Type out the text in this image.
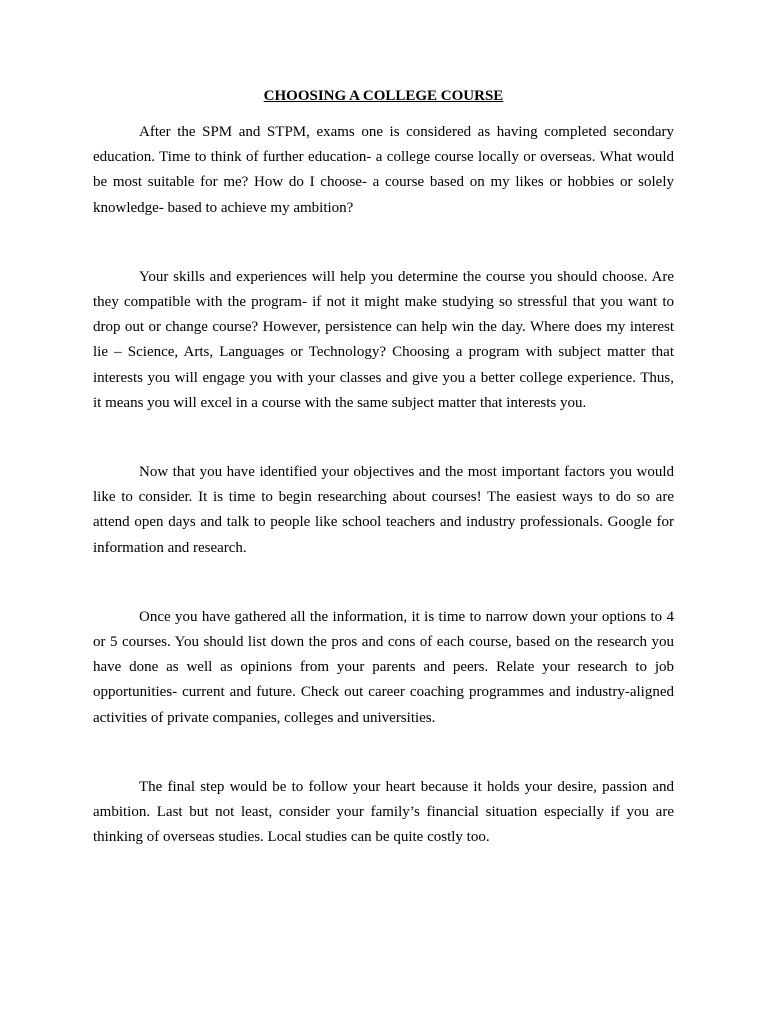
CHOOSING A COLLEGE COURSE

After the SPM and STPM, exams one is considered as having completed secondary education. Time to think of further education- a college course locally or overseas. What would be most suitable for me? How do I choose- a course based on my likes or hobbies or solely knowledge- based to achieve my ambition?

Your skills and experiences will help you determine the course you should choose. Are they compatible with the program- if not it might make studying so stressful that you want to drop out or change course? However, persistence can help win the day. Where does my interest lie – Science, Arts, Languages or Technology? Choosing a program with subject matter that interests you will engage you with your classes and give you a better college experience. Thus, it means you will excel in a course with the same subject matter that interests you.

Now that you have identified your objectives and the most important factors you would like to consider. It is time to begin researching about courses! The easiest ways to do so are attend open days and talk to people like school teachers and industry professionals. Google for information and research.

Once you have gathered all the information, it is time to narrow down your options to 4 or 5 courses. You should list down the pros and cons of each course, based on the research you have done as well as opinions from your parents and peers. Relate your research to job opportunities- current and future. Check out career coaching programmes and industry-aligned activities of private companies, colleges and universities.

The final step would be to follow your heart because it holds your desire, passion and ambition. Last but not least, consider your family’s financial situation especially if you are thinking of overseas studies. Local studies can be quite costly too.
